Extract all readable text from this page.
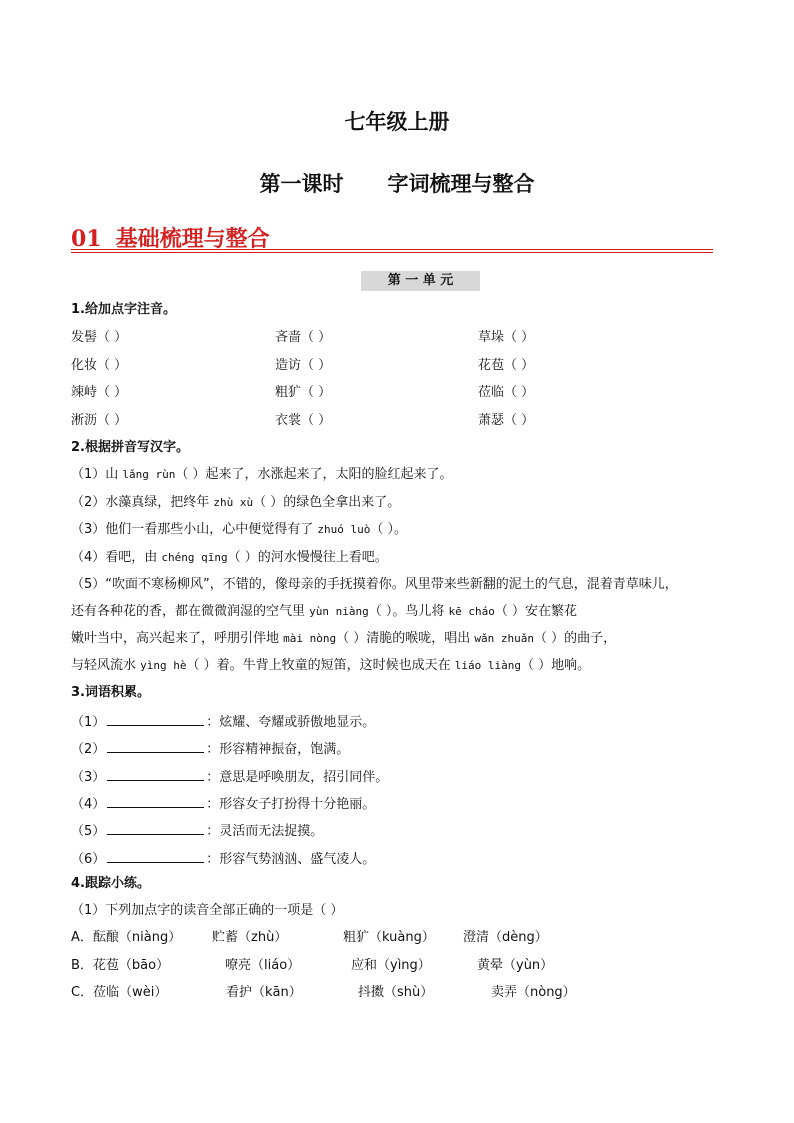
七年级上册
第一课时 字词梳理与整合
01 基础梳理与整合
第 一 单 元
1.给加点字注音。
发髻（ ）	吝啬（ ）	草垛（ ）
化妆（ ）	造访（ ）	花苞（ ）
竦峙（ ）	粗犷（ ）	莅临（ ）
淅沥（ ）	衣裳（ ）	萧瑟（ ）
2.根据拼音写汉字。
（1）山 lǎng rùn（ ）起来了，水涨起来了，太阳的脸红起来了。
（2）水藻真绿，把终年 zhù xù（ ）的绿色全拿出来了。
（3）他们一看那些小山，心中便觉得有了 zhuó luò（ ）。
（4）看吧，由 chéng qīng（ ）的河水慢慢往上看吧。
（5）“吹面不寒杨柳风”，不错的，像母亲的手抚摸着你。风里带来些新翻的泥土的气息，混着青草味儿，
还有各种花的香，都在微微润湿的空气里 yùn niàng（ ）。鸟儿将 kē cháo（ ）安在繁花
嫩叶当中，高兴起来了，呼朋引伴地 mài nòng（ ）清脆的喉咙，唱出 wǎn zhuǎn（ ）的曲子，
与轻风流水 yìng hè（ ）着。牛背上牧童的短笛，这时候也成天在 liáo liàng（ ）地响。
3.词语积累。
（1）	：炫耀、夸耀或骄傲地显示。
（2）	：形容精神振奋，饱满。
（3）	：意思是呼唤朋友，招引同伴。
（4）	：形容女子打扮得十分艳丽。
（5）	：灵活而无法捉摸。
（6）	：形容气势汹汹、盛气凌人。
4.跟踪小练。
（1）下列加点字的读音全部正确的一项是（ ）
A．酝酿（niàng） 贮蓄（zhù）	粗犷（kuàng） 澄清（dèng）
B．花苞（bāo）	嘹亮（liáo）	应和（yìng）	黄晕（yùn）
C．莅临（wèi）	看护（kān）	抖擞（shù）	卖弄（nòng）
